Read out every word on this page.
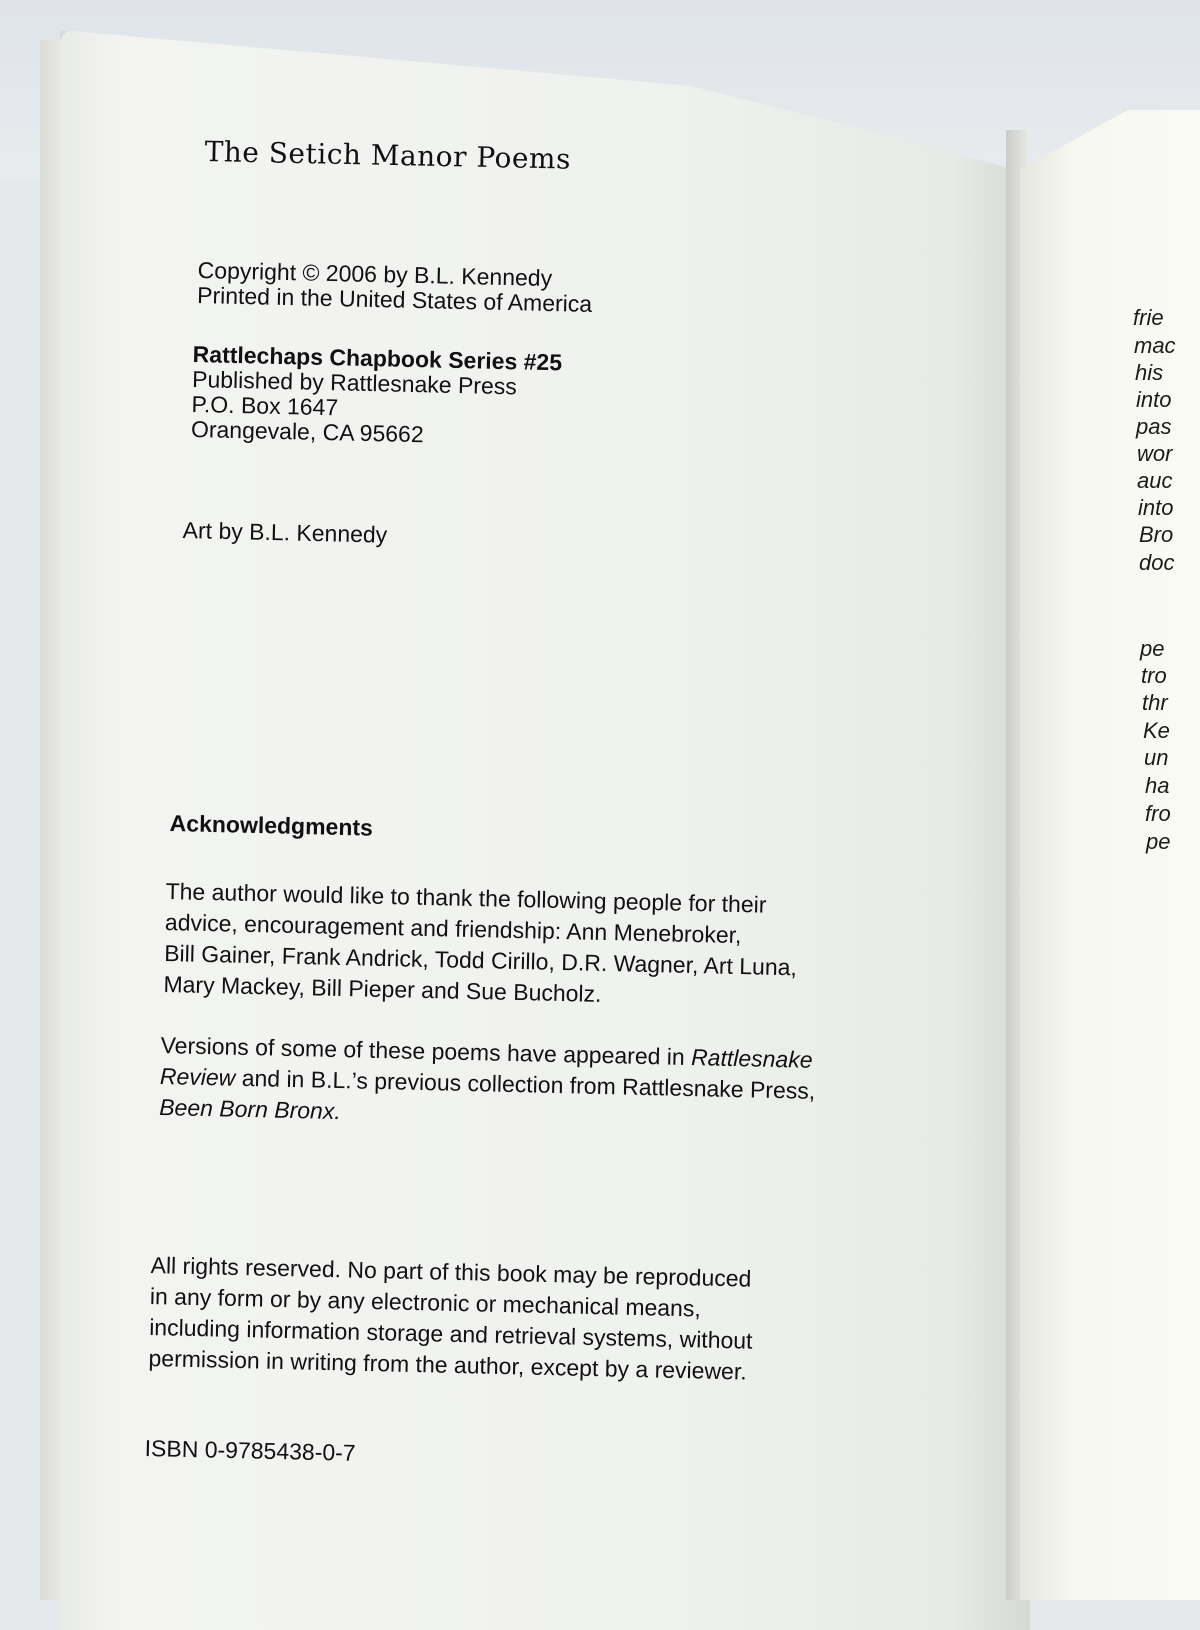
frie
mac
his
into
pas
wor
auc
into
Bro
doc
pe
tro
thr
Ke
un
ha
fro
pe
The Setich Manor Poems
Copyright © 2006 by B.L. Kennedy
Printed in the United States of America
Rattlechaps Chapbook Series #25
Published by Rattlesnake Press
P.O. Box 1647
Orangevale, CA 95662
Art by B.L. Kennedy
Acknowledgments
The author would like to thank the following people for their
advice, encouragement and friendship: Ann Menebroker,
Bill Gainer, Frank Andrick, Todd Cirillo, D.R. Wagner, Art Luna,
Mary Mackey, Bill Pieper and Sue Bucholz.
Versions of some of these poems have appeared in Rattlesnake
Review and in B.L.’s previous collection from Rattlesnake Press,
Been Born Bronx.
All rights reserved. No part of this book may be reproduced
in any form or by any electronic or mechanical means,
including information storage and retrieval systems, without
permission in writing from the author, except by a reviewer.
ISBN 0-9785438-0-7
